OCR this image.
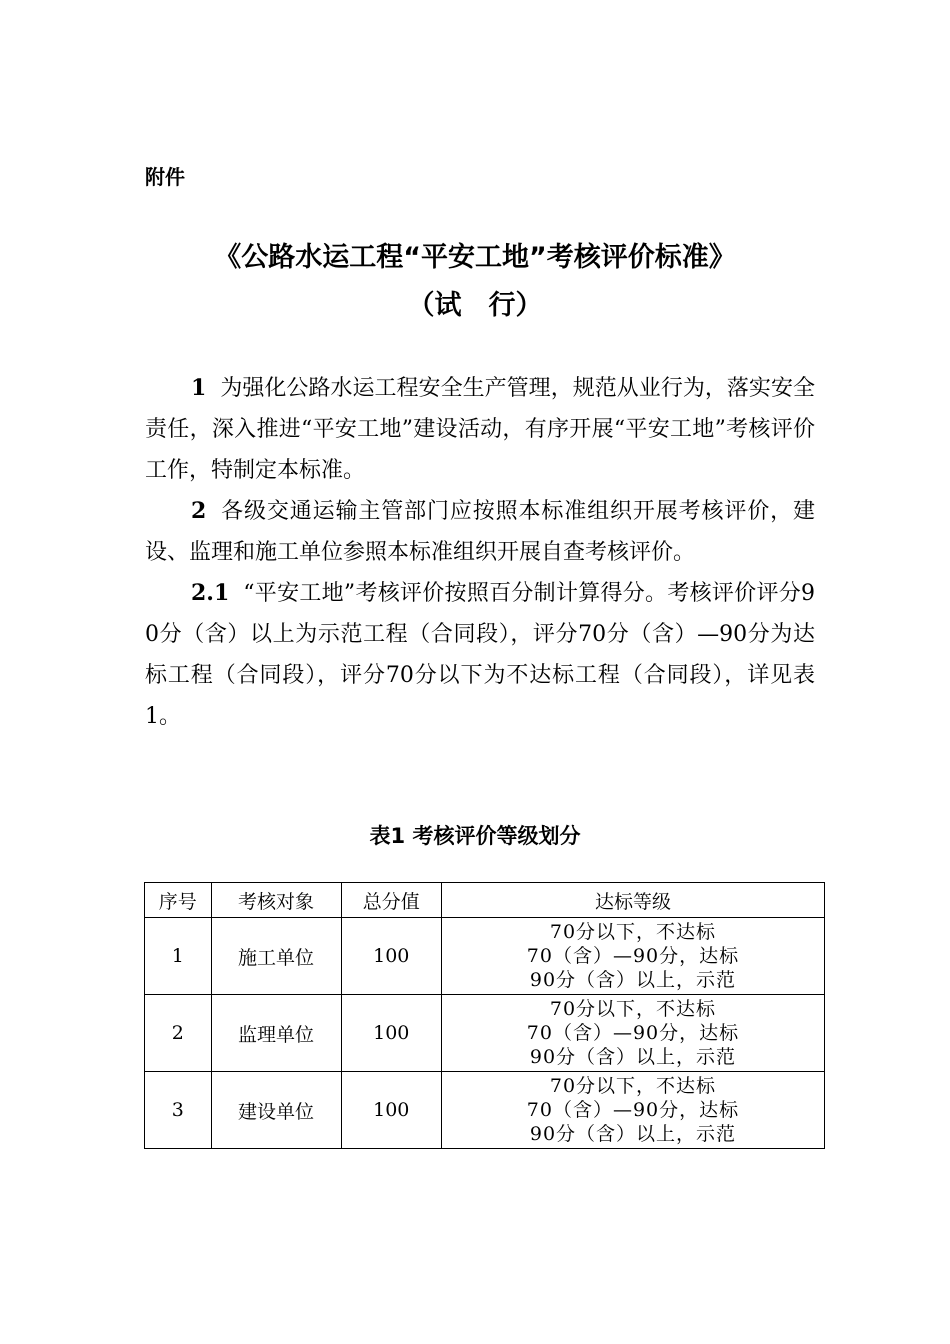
附件
《公路水运工程“平安工地”考核评价标准》
（试　行）

1 为强化公路水运工程安全生产管理，规范从业行为，落实安全责任，深入推进“平安工地”建设活动，有序开展“平安工地”考核评价工作，特制定本标准。

2 各级交通运输主管部门应按照本标准组织开展考核评价，建设、监理和施工单位参照本标准组织开展自查考核评价。

2.1 “平安工地”考核评价按照百分制计算得分。考核评价评分90分（含）以上为示范工程（合同段），评分70分（含）—90分为达标工程（合同段），评分70分以下为不达标工程（合同段），详见表1。

表1 考核评价等级划分
序号	考核对象	总分值	达标等级
1	施工单位	100	70分以下，不达标
70（含）—90分，达标
90分（含）以上，示范

2	监理单位	100	70分以下，不达标
70（含）—90分，达标
90分（含）以上，示范

3	建设单位	100	70分以下，不达标
70（含）—90分，达标
90分（含）以上，示范
